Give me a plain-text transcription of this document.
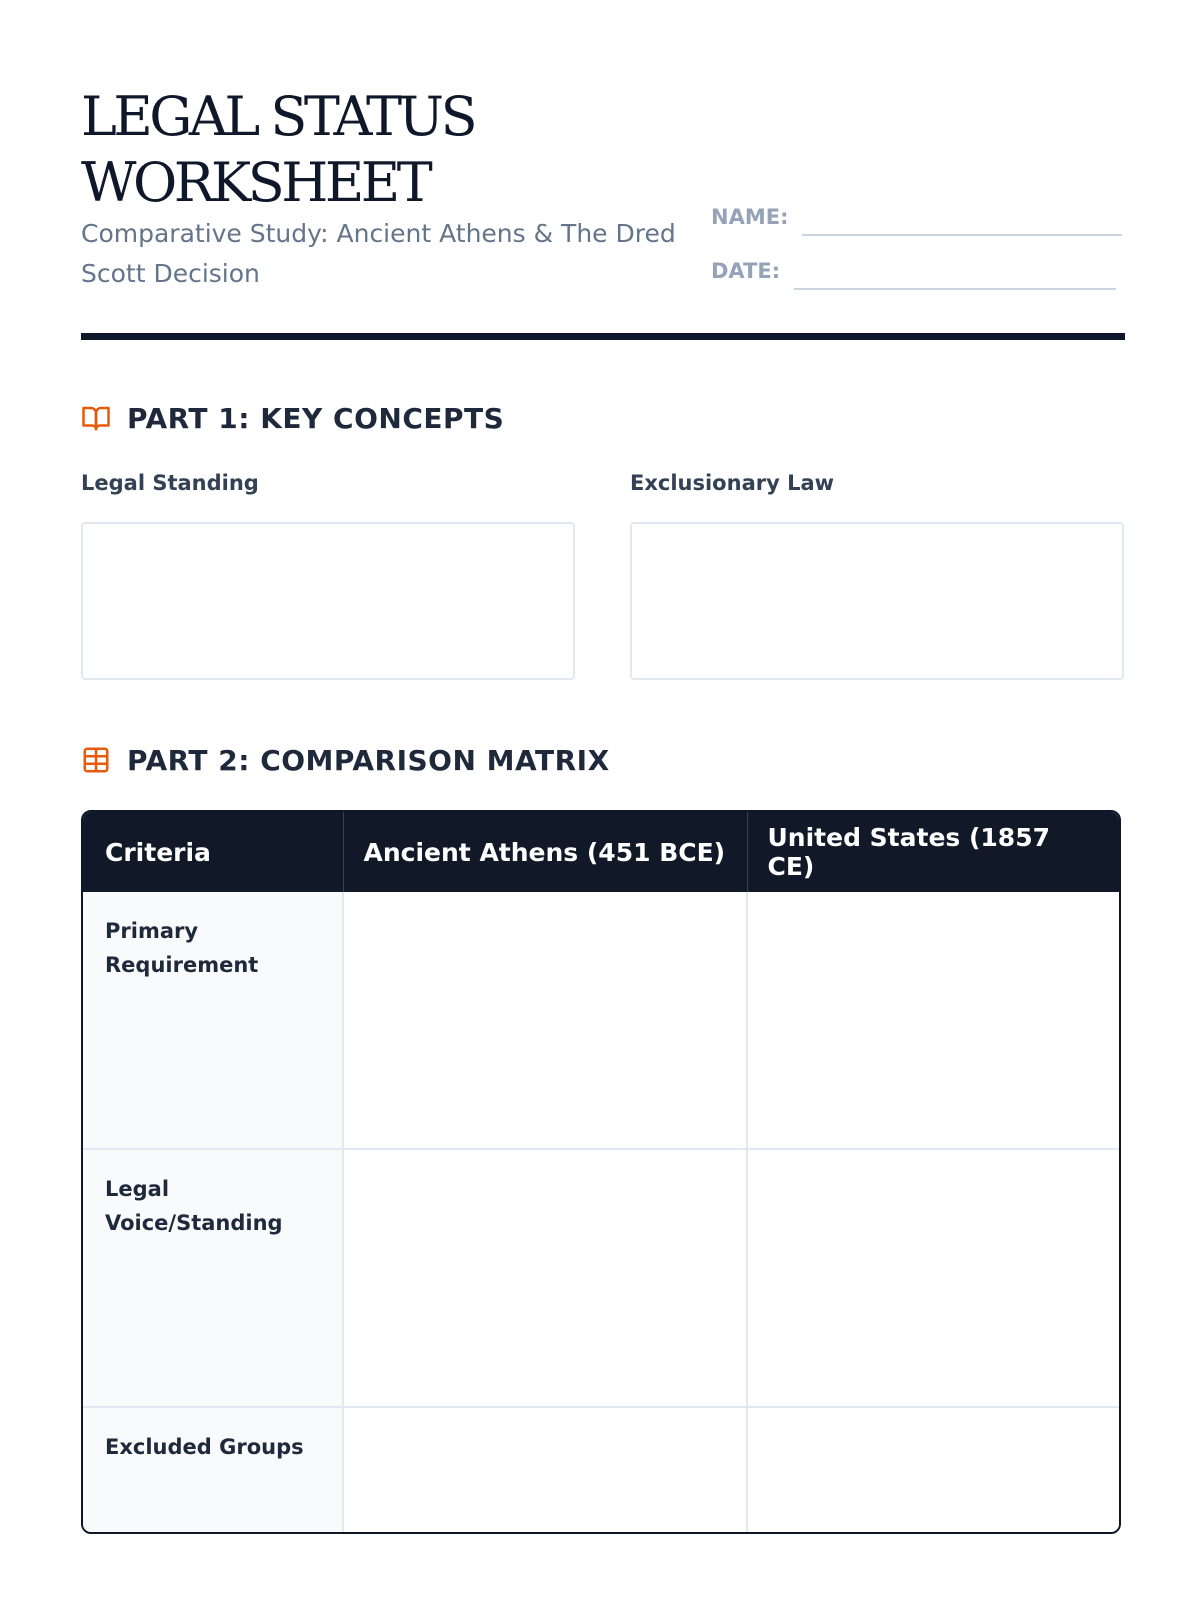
LEGAL STATUS
WORKSHEET

Comparative Study: Ancient Athens & The Dred Scott Decision

NAME:
DATE:
PART 1: KEY CONCEPTS
Legal Standing	Exclusionary Law
PART 2: COMPARISON MATRIX
Criteria	Ancient Athens (451 BCE)	United States (1857 CE)
Primary Requirement		
Legal Voice/Standing		
Excluded Groups		
